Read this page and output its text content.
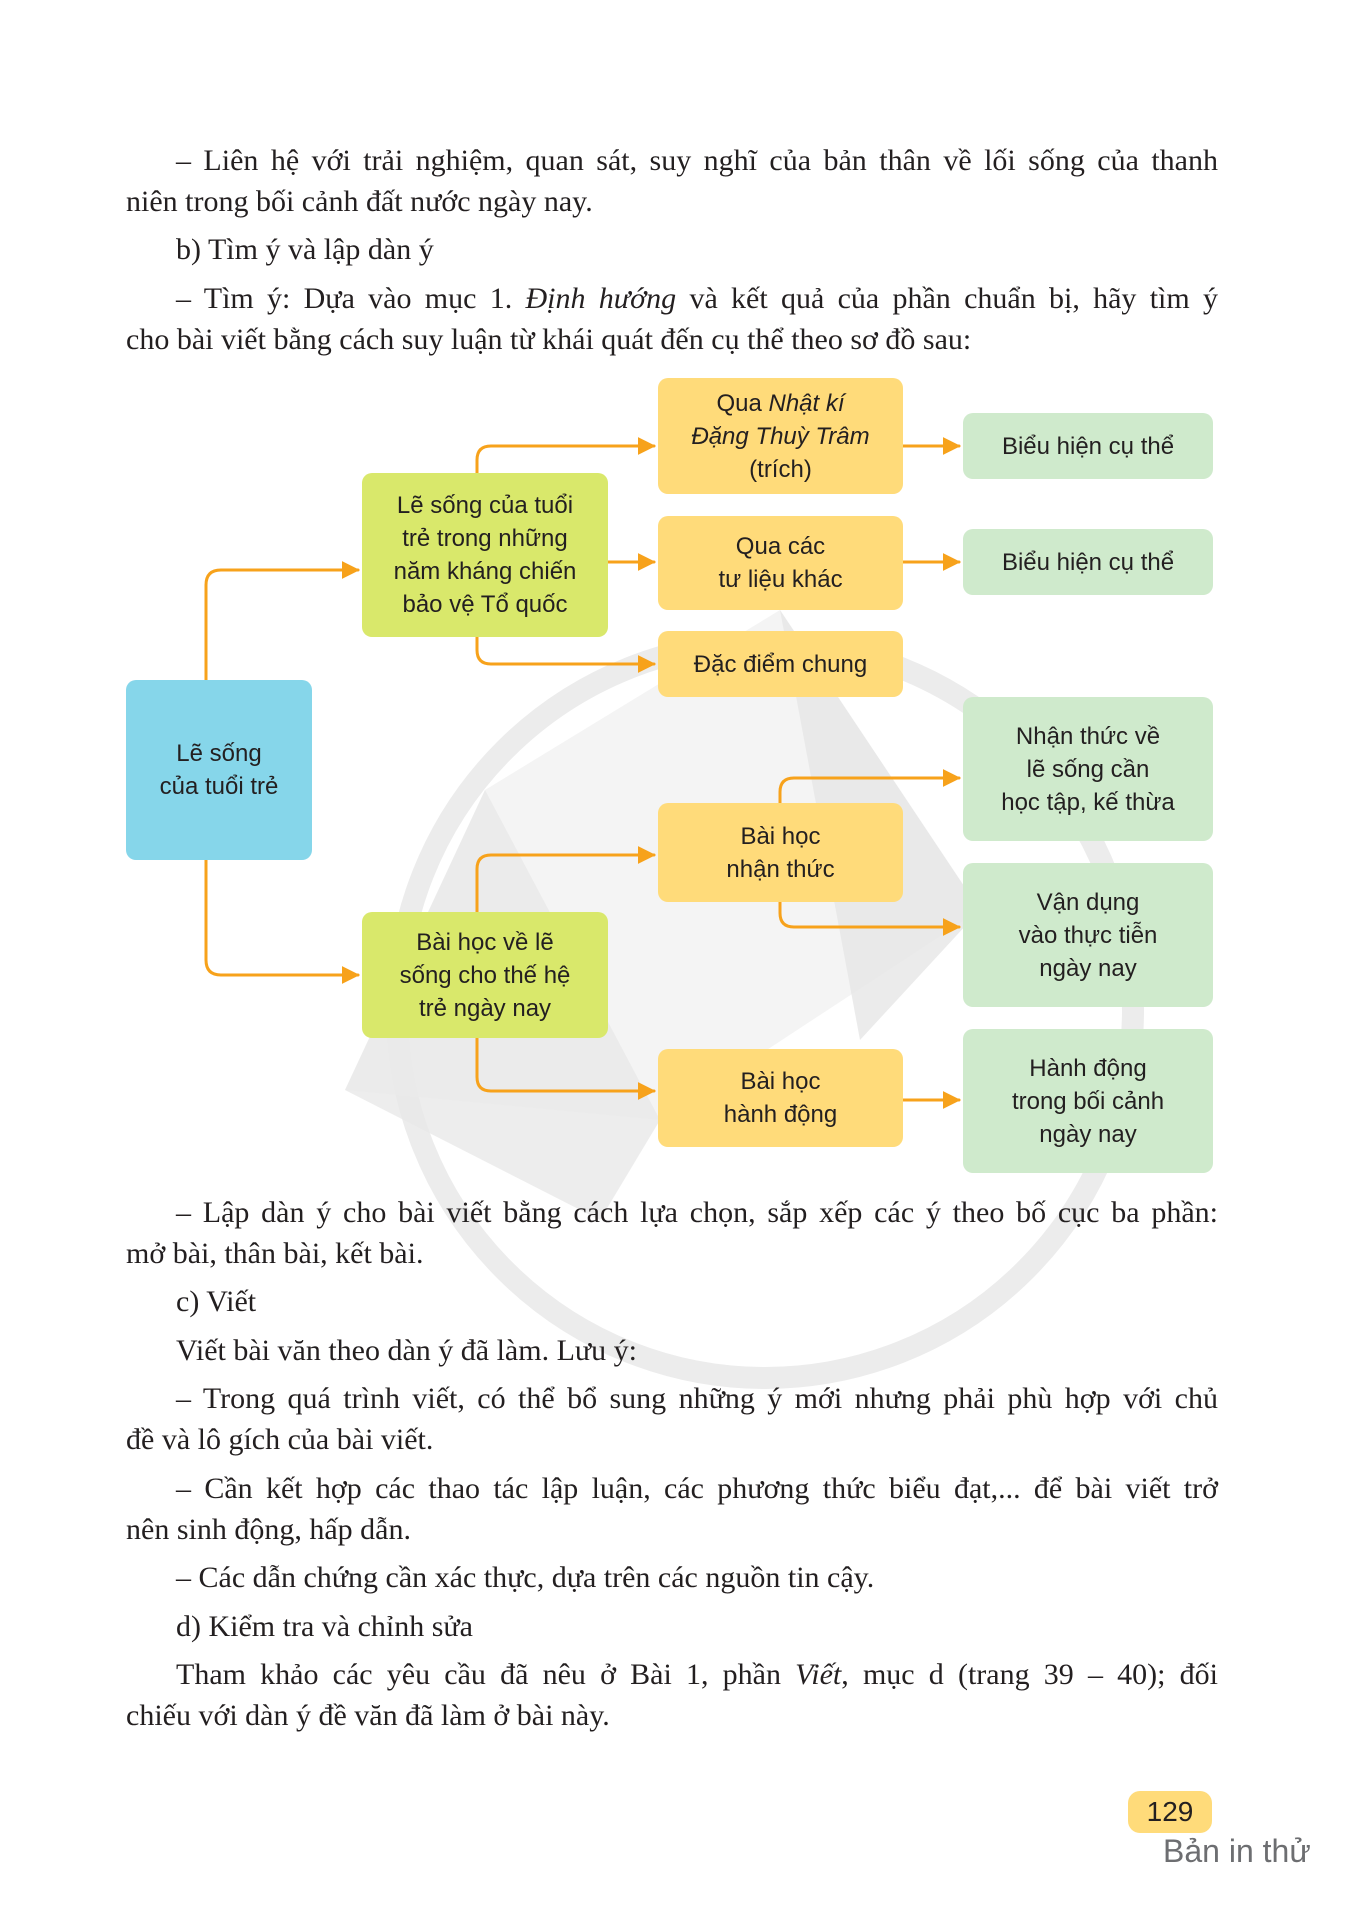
– Liên hệ với trải nghiệm, quan sát, suy nghĩ của bản thân về lối sống của thanh

niên trong bối cảnh đất nước ngày nay.

b) Tìm ý và lập dàn ý

– Tìm ý: Dựa vào mục 1. Định hướng và kết quả của phần chuẩn bị, hãy tìm ý

cho bài viết bằng cách suy luận từ khái quát đến cụ thể theo sơ đồ sau:

Lẽ sống
của tuổi trẻ
Lẽ sống của tuổi
trẻ trong những
năm kháng chiến
bảo vệ Tổ quốc
Bài học về lẽ
sống cho thế hệ
trẻ ngày nay
Qua Nhật kí
Đặng Thuỳ Trâm
(trích)
Qua các
tư liệu khác
Đặc điểm chung
Bài học
nhận thức
Bài học
hành động
Biểu hiện cụ thể
Biểu hiện cụ thể
Nhận thức về
lẽ sống cần
học tập, kế thừa
Vận dụng
vào thực tiễn
ngày nay
Hành động
trong bối cảnh
ngày nay

– Lập dàn ý cho bài viết bằng cách lựa chọn, sắp xếp các ý theo bố cục ba phần:

mở bài, thân bài, kết bài.

c) Viết

Viết bài văn theo dàn ý đã làm. Lưu ý:

– Trong quá trình viết, có thể bổ sung những ý mới nhưng phải phù hợp với chủ

đề và lô gích của bài viết.

– Cần kết hợp các thao tác lập luận, các phương thức biểu đạt,... để bài viết trở

nên sinh động, hấp dẫn.

– Các dẫn chứng cần xác thực, dựa trên các nguồn tin cậy.

d) Kiểm tra và chỉnh sửa

Tham khảo các yêu cầu đã nêu ở Bài 1, phần Viết, mục d (trang 39 – 40); đối

chiếu với dàn ý đề văn đã làm ở bài này.

129
Bản in thử
